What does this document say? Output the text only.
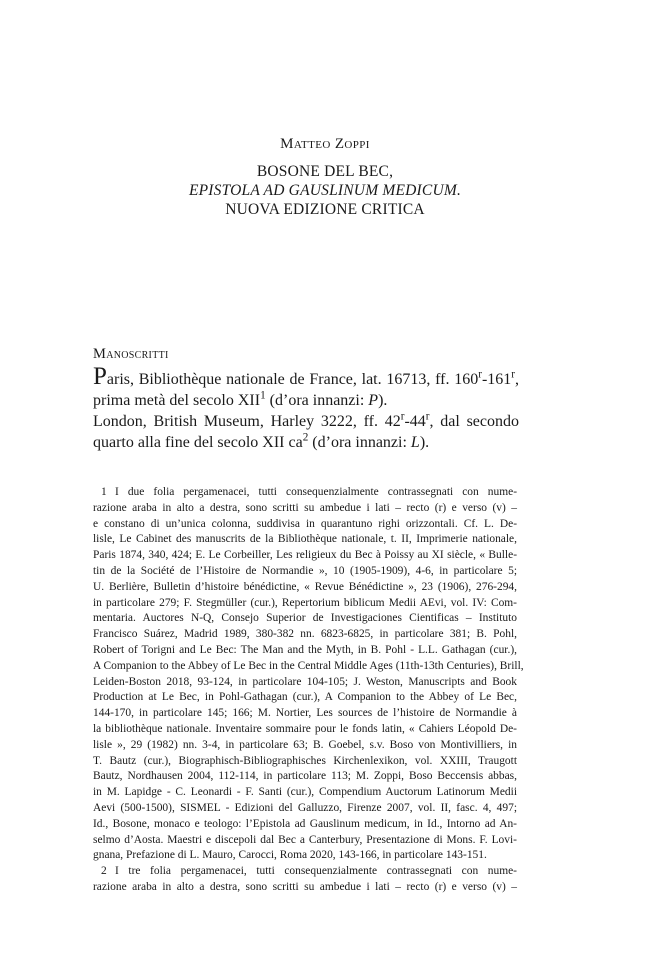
Matteo Zoppi
BOSONE DEL BEC,
EPISTOLA AD GAUSLINUM MEDICUM.
NUOVA EDIZIONE CRITICA
Manoscritti

Paris, Bibliothèque nationale de France, lat. 16713, ff. 160$^r$-161$^r$, prima metà del secolo XII$^1$ (d’ora innanzi: P).

London, British Museum, Harley 3222, ff. 42$^r$-44$^r$, dal secondo quarto alla fine del secolo XII $ca^2$ (d’ora innanzi: L).

1 I due folia pergamenacei, tutti consequenzialmente contrassegnati con nume-
razione araba in alto a destra, sono scritti su ambedue i lati – recto (r) e verso (v) –
e constano di un’unica colonna, suddivisa in quarantuno righi orizzontali. Cf. L. De-
lisle, Le Cabinet des manuscrits de la Bibliothèque nationale, t. II, Imprimerie nationale,
Paris 1874, 340, 424; E. Le Corbeiller, Les religieux du Bec à Poissy au XI siècle, « Bulle-
tin de la Société de l’Histoire de Normandie », 10 (1905-1909), 4-6, in particolare 5;
U. Berlière, Bulletin d’histoire bénédictine, « Revue Bénédictine », 23 (1906), 276-294,
in particolare 279; F. Stegmüller (cur.), Repertorium biblicum Medii AEvi, vol. IV: Com-
mentaria. Auctores N-Q, Consejo Superior de Investigaciones Cientificas – Instituto
Francisco Suárez, Madrid 1989, 380-382 nn. 6823-6825, in particolare 381; B. Pohl,
Robert of Torigni and Le Bec: The Man and the Myth, in B. Pohl - L.L. Gathagan (cur.),
A Companion to the Abbey of Le Bec in the Central Middle Ages (11th-13th Centuries), Brill,
Leiden-Boston 2018, 93-124, in particolare 104-105; J. Weston, Manuscripts and Book
Production at Le Bec, in Pohl-Gathagan (cur.), A Companion to the Abbey of Le Bec,
144-170, in particolare 145; 166; M. Nortier, Les sources de l’histoire de Normandie à
la bibliothèque nationale. Inventaire sommaire pour le fonds latin, « Cahiers Léopold De-
lisle », 29 (1982) nn. 3-4, in particolare 63; B. Goebel, s.v. Boso von Montivilliers, in
T. Bautz (cur.), Biographisch-Bibliographisches Kirchenlexikon, vol. XXIII, Traugott
Bautz, Nordhausen 2004, 112-114, in particolare 113; M. Zoppi, Boso Beccensis abbas,
in M. Lapidge - C. Leonardi - F. Santi (cur.), Compendium Auctorum Latinorum Medii
Aevi (500-1500), SISMEL - Edizioni del Galluzzo, Firenze 2007, vol. II, fasc. 4, 497;
Id., Bosone, monaco e teologo: l’Epistola ad Gauslinum medicum, in Id., Intorno ad An-
selmo d’Aosta. Maestri e discepoli dal Bec a Canterbury, Presentazione di Mons. F. Lovi-
gnana, Prefazione di L. Mauro, Carocci, Roma 2020, 143-166, in particolare 143-151.
2 I tre folia pergamenacei, tutti consequenzialmente contrassegnati con nume-
razione araba in alto a destra, sono scritti su ambedue i lati – recto (r) e verso (v) –
